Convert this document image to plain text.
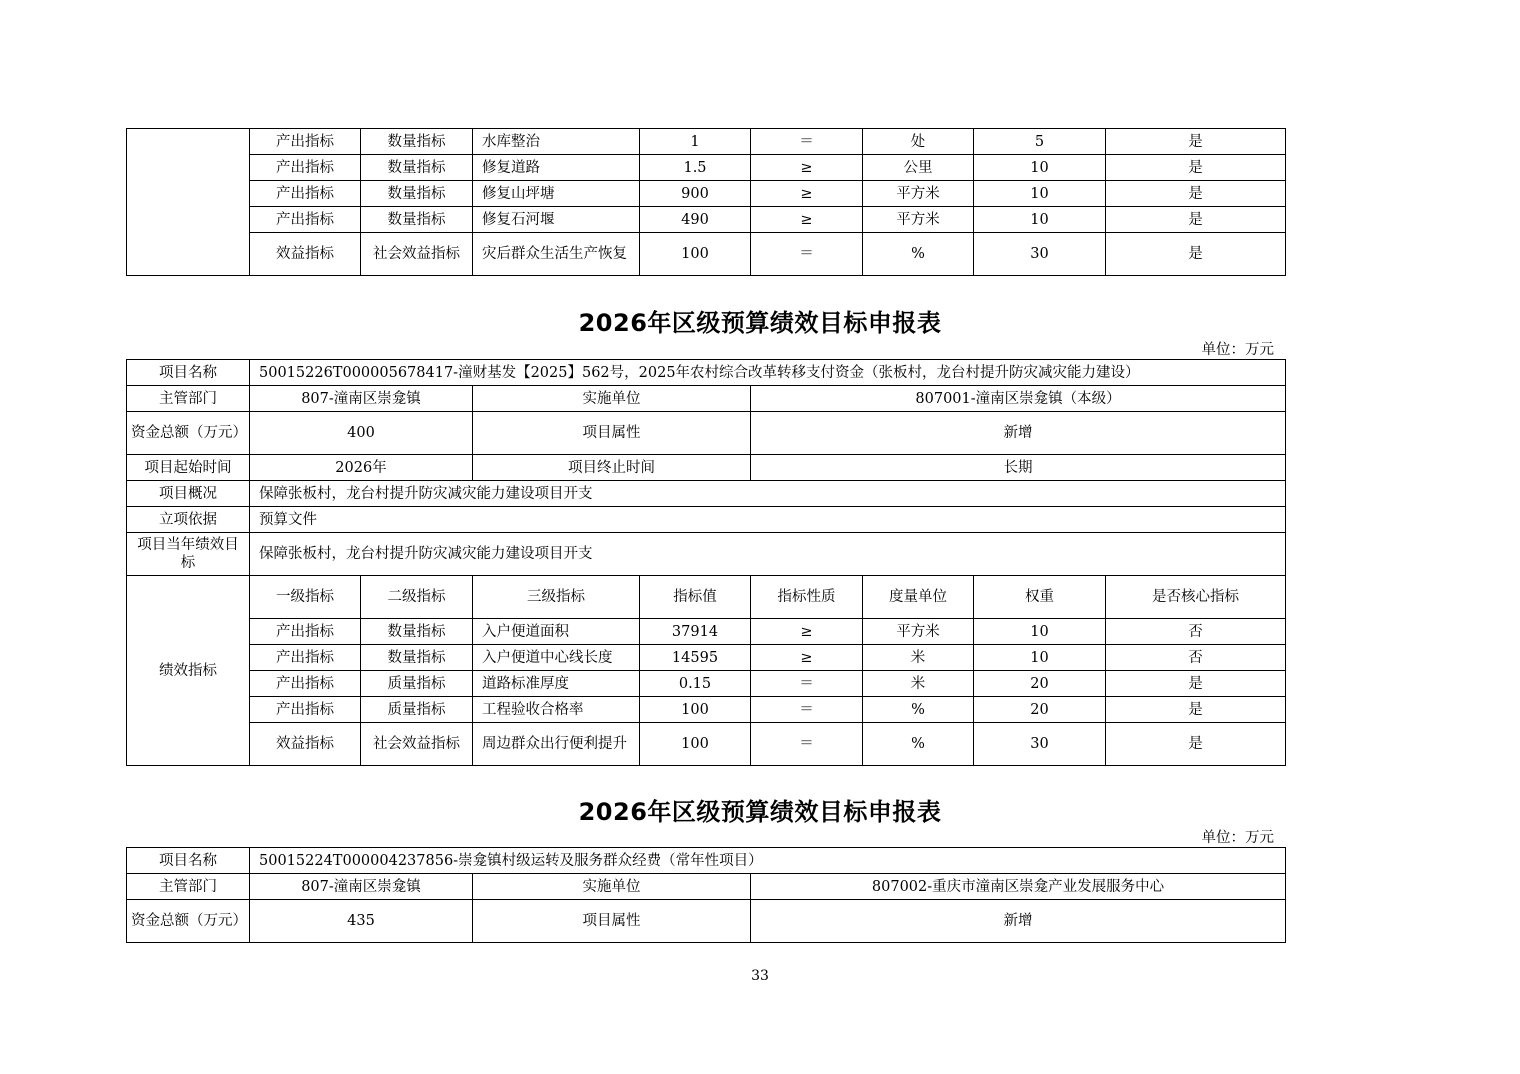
	产出指标	数量指标	水库整治	1	＝	处	5	是
	产出指标	数量指标	修复道路	1.5	≥	公里	10	是
	产出指标	数量指标	修复山坪塘	900	≥	平方米	10	是
	产出指标	数量指标	修复石河堰	490	≥	平方米	10	是
	效益指标	社会效益指标	灾后群众生活生产恢复	100	＝	%	30	是
2026年区级预算绩效目标申报表
单位：万元
项目名称	50015226T000005678417-潼财基发【2025】562号，2025年农村综合改革转移支付资金（张板村，龙台村提升防灾减灾能力建设）							
主管部门	807-潼南区崇龛镇		实施单位		807001-潼南区崇龛镇（本级）			
资金总额（万元）	400		项目属性		新增			
项目起始时间	2026年		项目终止时间		长期			
项目概况	保障张板村，龙台村提升防灾减灾能力建设项目开支							
立项依据	预算文件							
项目当年绩效目标	保障张板村，龙台村提升防灾减灾能力建设项目开支							
绩效指标	一级指标	二级指标	三级指标	指标值	指标性质	度量单位	权重	是否核心指标
	产出指标	数量指标	入户便道面积	37914	≥	平方米	10	否
	产出指标	数量指标	入户便道中心线长度	14595	≥	米	10	否
	产出指标	质量指标	道路标准厚度	0.15	＝	米	20	是
	产出指标	质量指标	工程验收合格率	100	＝	%	20	是
	效益指标	社会效益指标	周边群众出行便利提升	100	＝	%	30	是
2026年区级预算绩效目标申报表
单位：万元
项目名称	50015224T000004237856-崇龛镇村级运转及服务群众经费（常年性项目）		
主管部门	807-潼南区崇龛镇	实施单位	807002-重庆市潼南区崇龛产业发展服务中心
资金总额（万元）	435	项目属性	新增
33
